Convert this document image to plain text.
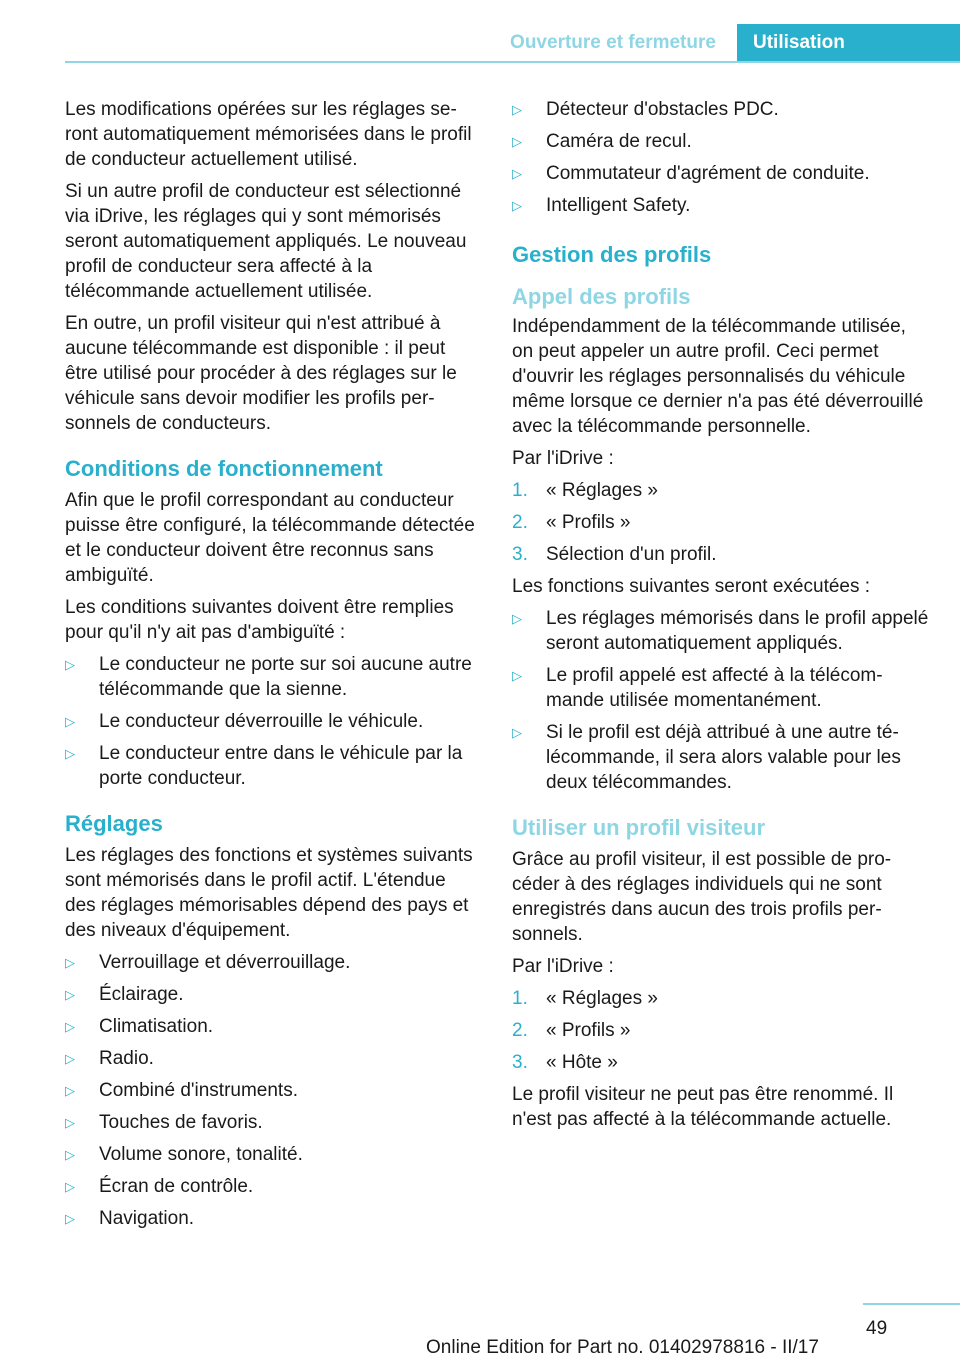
Ouverture et fermeture	Utilisation

Les modifications opérées sur les réglages seront automatiquement mémorisées dans le profil de conducteur actuellement utilisé.

Si un autre profil de conducteur est sélectionné via iDrive, les réglages qui y sont mémorisés seront automatiquement appliqués. Le nouveau profil de conducteur sera affecté à la télécommande actuellement utilisée.

En outre, un profil visiteur qui n'est attribué à aucune télécommande est disponible : il peut être utilisé pour procéder à des réglages sur le véhicule sans devoir modifier les profils personnels de conducteurs.

Conditions de fonctionnement

Afin que le profil correspondant au conducteur puisse être configuré, la télécommande détectée et le conducteur doivent être reconnus sans ambiguïté.

Les conditions suivantes doivent être remplies pour qu'il n'y ait pas d'ambiguïté :

▷ Le conducteur ne porte sur soi aucune autre télécommande que la sienne.
▷ Le conducteur déverrouille le véhicule.
▷ Le conducteur entre dans le véhicule par la porte conducteur.
Réglages

Les réglages des fonctions et systèmes suivants sont mémorisés dans le profil actif. L'étendue des réglages mémorisables dépend des pays et des niveaux d'équipement.

▷ Verrouillage et déverrouillage.
▷ Éclairage.
▷ Climatisation.
▷ Radio.
▷ Combiné d'instruments.
▷ Touches de favoris.
▷ Volume sonore, tonalité.
▷ Écran de contrôle.
▷ Navigation.
▷ Détecteur d'obstacles PDC.
▷ Caméra de recul.
▷ Commutateur d'agrément de conduite.
▷ Intelligent Safety.
Gestion des profils
Appel des profils

Indépendamment de la télécommande utilisée, on peut appeler un autre profil. Ceci permet d'ouvrir les réglages personnalisés du véhicule même lorsque ce dernier n'a pas été déverrouillé avec la télécommande personnelle.

Par l'iDrive :

1. « Réglages »
2. « Profils »
3. Sélection d'un profil.

Les fonctions suivantes seront exécutées :

▷ Les réglages mémorisés dans le profil appelé seront automatiquement appliqués.
▷ Le profil appelé est affecté à la télécommande utilisée momentanément.
▷ Si le profil est déjà attribué à une autre télécommande, il sera alors valable pour les deux télécommandes.
Utiliser un profil visiteur

Grâce au profil visiteur, il est possible de procéder à des réglages individuels qui ne sont enregistrés dans aucun des trois profils personnels.

Par l'iDrive :

1. « Réglages »
2. « Profils »
3. « Hôte »

Le profil visiteur ne peut pas être renommé. Il n'est pas affecté à la télécommande actuelle.

49
Online Edition for Part no. 01402978816 - II/17
